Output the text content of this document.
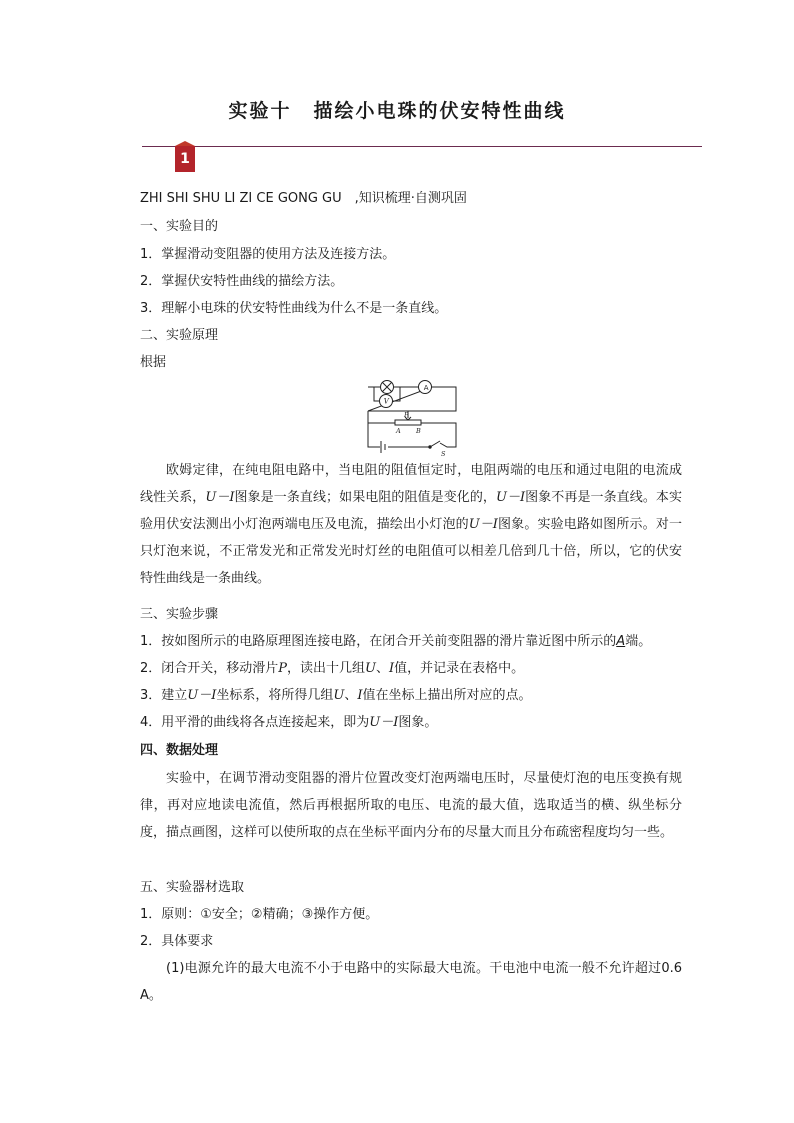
实验十 描绘小电珠的伏安特性曲线
1
ZHI SHI SHU LI ZI CE GONG GU　,知识梳理·自测巩固
一、实验目的
1．掌握滑动变阻器的使用方法及连接方法。
2．掌握伏安特性曲线的描绘方法。
3．理解小电珠的伏安特性曲线为什么不是一条直线。
二、实验原理
根据
A
V
P
A B
S
欧姆定律，在纯电阻电路中，当电阻的阻值恒定时，电阻两端的电压和通过电阻的电流成线性关系，U－I图象是一条直线；如果电阻的阻值是变化的，U－I图象不再是一条直线。本实验用伏安法测出小灯泡两端电压及电流，描绘出小灯泡的U－I图象。实验电路如图所示。对一只灯泡来说，不正常发光和正常发光时灯丝的电阻值可以相差几倍到几十倍，所以，它的伏安特性曲线是一条曲线。
三、实验步骤
1．按如图所示的电路原理图连接电路，在闭合开关前变阻器的滑片靠近图中所示的A端。
2．闭合开关，移动滑片P，读出十几组U、I值，并记录在表格中。
3．建立U－I坐标系，将所得几组U、I值在坐标上描出所对应的点。
4．用平滑的曲线将各点连接起来，即为U－I图象。
四、数据处理
实验中，在调节滑动变阻器的滑片位置改变灯泡两端电压时，尽量使灯泡的电压变换有规律，再对应地读电流值，然后再根据所取的电压、电流的最大值，选取适当的横、纵坐标分度，描点画图，这样可以使所取的点在坐标平面内分布的尽量大而且分布疏密程度均匀一些。
五、实验器材选取
1．原则：①安全；②精确；③操作方便。
2．具体要求
(1)电源允许的最大电流不小于电路中的实际最大电流。干电池中电流一般不允许超过0.6 A。
